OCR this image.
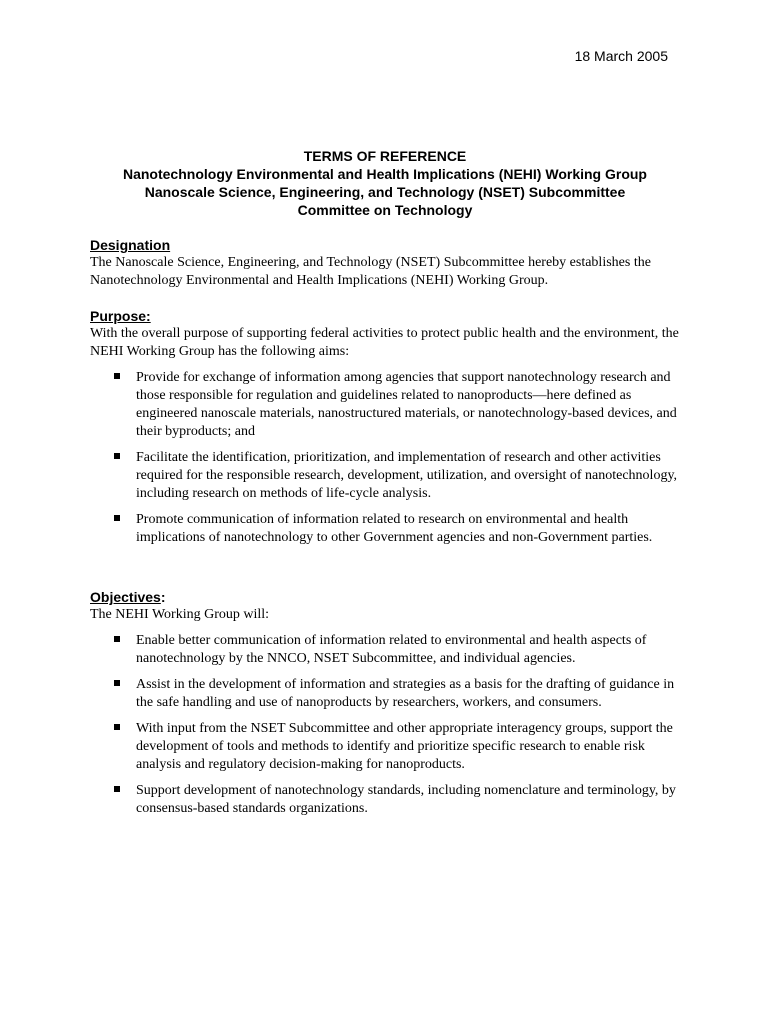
18 March 2005
TERMS OF REFERENCE
Nanotechnology Environmental and Health Implications (NEHI) Working Group
Nanoscale Science, Engineering, and Technology (NSET) Subcommittee
Committee on Technology
Designation

The Nanoscale Science, Engineering, and Technology (NSET) Subcommittee hereby establishes the Nanotechnology Environmental and Health Implications (NEHI) Working Group.

Purpose:

With the overall purpose of supporting federal activities to protect public health and the environment, the NEHI Working Group has the following aims:

Provide for exchange of information among agencies that support nanotechnology research and those responsible for regulation and guidelines related to nanoproducts—here defined as engineered nanoscale materials, nanostructured materials, or nanotechnology-based devices, and their byproducts; and
Facilitate the identification, prioritization, and implementation of research and other activities required for the responsible research, development, utilization, and oversight of nanotechnology, including research on methods of life-cycle analysis.
Promote communication of information related to research on environmental and health implications of nanotechnology to other Government agencies and non-Government parties.
Objectives:

The NEHI Working Group will:

Enable better communication of information related to environmental and health aspects of nanotechnology by the NNCO, NSET Subcommittee, and individual agencies.
Assist in the development of information and strategies as a basis for the drafting of guidance in the safe handling and use of nanoproducts by researchers, workers, and consumers.
With input from the NSET Subcommittee and other appropriate interagency groups, support the development of tools and methods to identify and prioritize specific research to enable risk analysis and regulatory decision-making for nanoproducts.
Support development of nanotechnology standards, including nomenclature and terminology, by consensus-based standards organizations.
